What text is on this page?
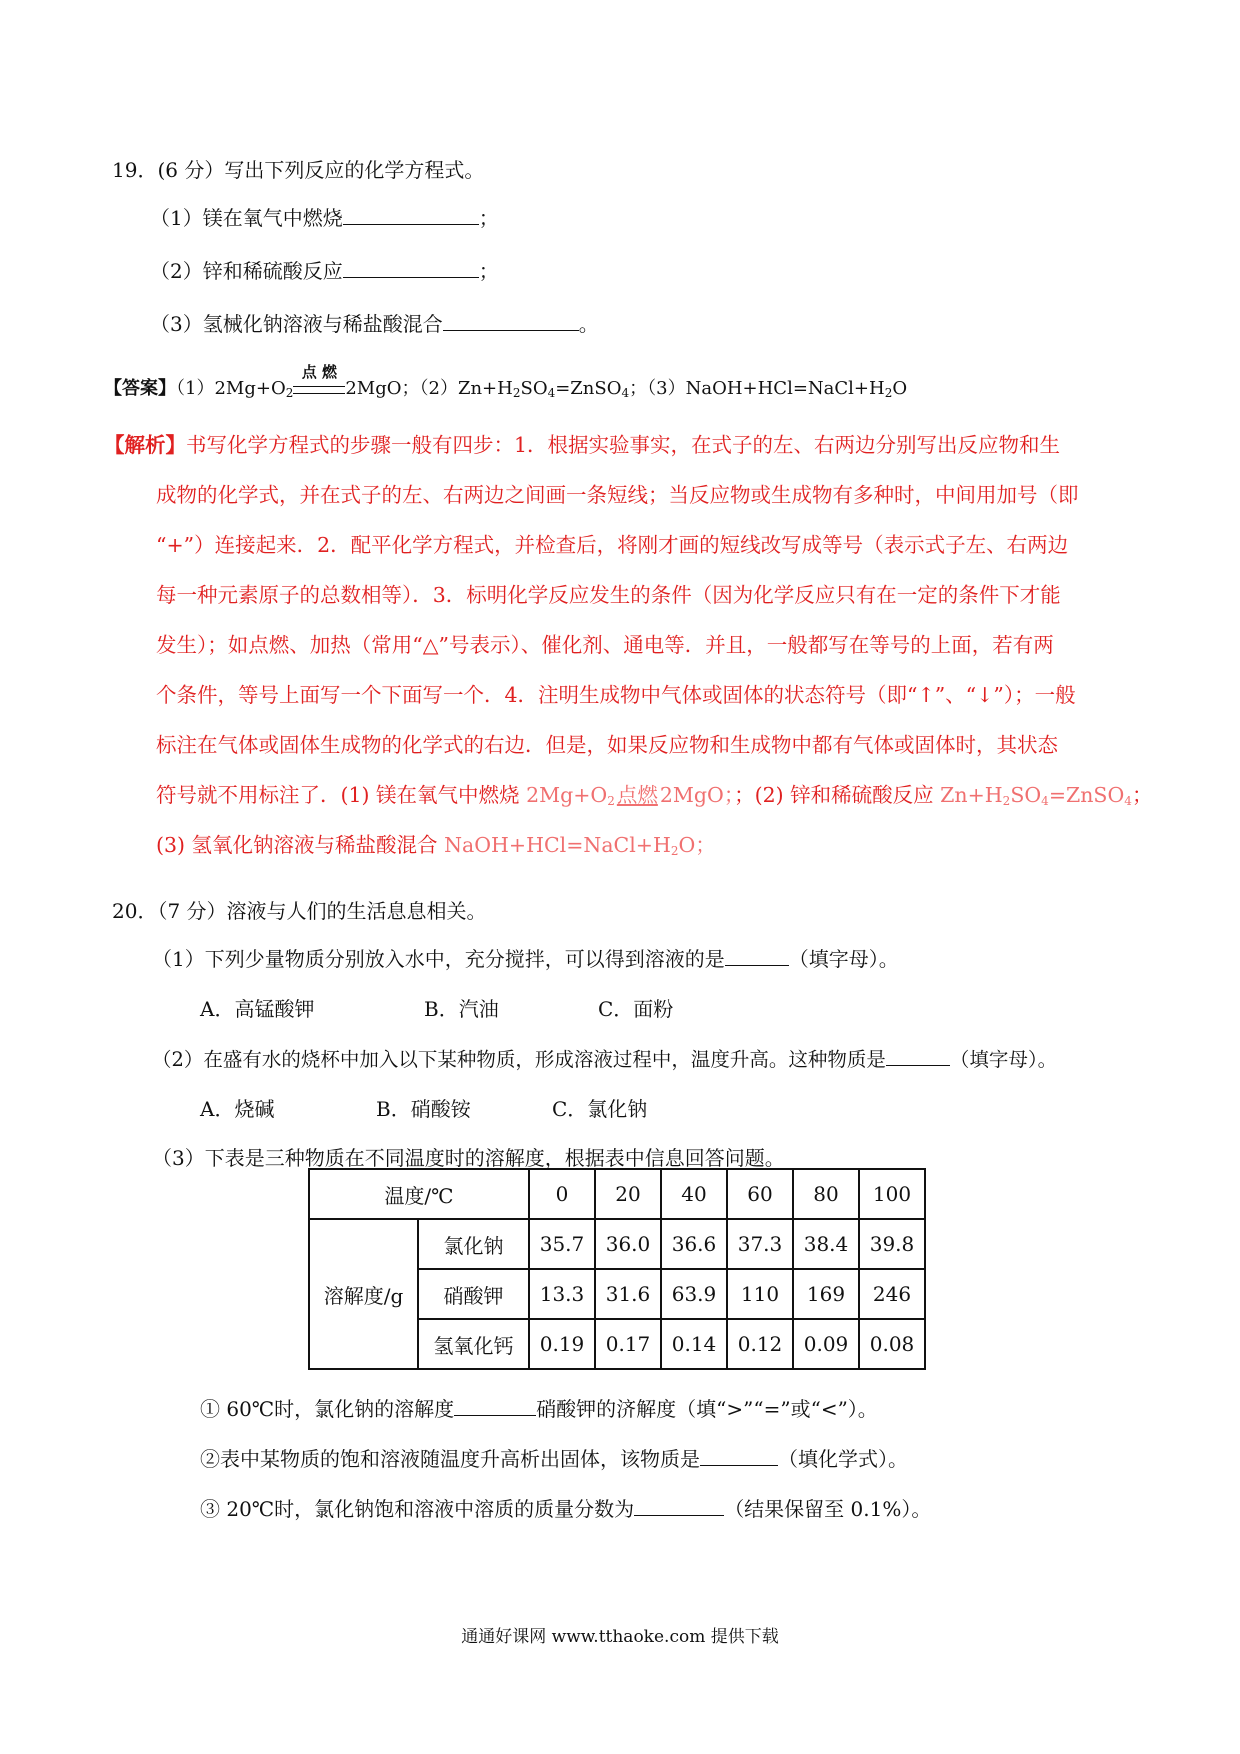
19．(6 分）写出下列反应的化学方程式。
（1）镁在氧气中燃烧	；
（2）锌和稀硫酸反应	；
（3）氢械化钠溶液与稀盐酸混合	。
【答案】$(1)2Mg+O_2$
点 燃
2MgO；$(2)Zn+H_2SO_4=ZnSO_4$；$(3)NaOH+HCl=NaCl+H_2O$
【解析】书写化学方程式的步骤一般有四步：1．根据实验事实，在式子的左、右两边分别写出反应物和生
成物的化学式，并在式子的左、右两边之间画一条短线；当反应物或生成物有多种时，中间用加号（即
“+”）连接起来．2．配平化学方程式，并检查后，将刚才画的短线改写成等号（表示式子左、右两边
每一种元素原子的总数相等）．3．标明化学反应发生的条件（因为化学反应只有在一定的条件下才能
发生）；如点燃、加热（常用“△”号表示）、催化剂、通电等．并且，一般都写在等号的上面，若有两
个条件，等号上面写一个下面写一个．4．注明生成物中气体或固体的状态符号（即“↑”、“↓”）；一般
标注在气体或固体生成物的化学式的右边．但是，如果反应物和生成物中都有气体或固体时，其状态
符号就不用标注了．(1) 镁在氧气中燃烧 $2Mg+O_2$点燃2MgO；；(2) 锌和稀硫酸反应 $Zn+H_2SO_4=ZnSO_4$；
(3) 氢氧化钠溶液与稀盐酸混合 $NaOH+HCl=NaCl+H_2O$；
20．（7 分）溶液与人们的生活息息相关。
（1）下列少量物质分别放入水中，充分搅拌，可以得到溶液的是	（填字母）。
A．高锰酸钾	B．汽油	C．面粉
（2）在盛有水的烧杯中加入以下某种物质，形成溶液过程中，温度升高。这种物质是	（填字母）。
A．烧碱	B．硝酸铵	C．氯化钠
（3）下表是三种物质在不同温度时的溶解度，根据表中信息回答问题。
温度/℃		0	20	40	60	80	100
溶解度/g	氯化钠	35.7	36.0	36.6	37.3	38.4	39.8
	硝酸钾	13.3	31.6	63.9	110	169	246
	氢氧化钙	0.19	0.17	0.14	0.12	0.09	0.08
① 60℃时，氯化钠的溶解度	硝酸钾的济解度（填“>”“=”或“<”）。
②表中某物质的饱和溶液随温度升高析出固体，该物质是	（填化学式）。
③ 20℃时，氯化钠饱和溶液中溶质的质量分数为	（结果保留至 0.1%）。
通通好课网 www.tthaoke.com 提供下载
